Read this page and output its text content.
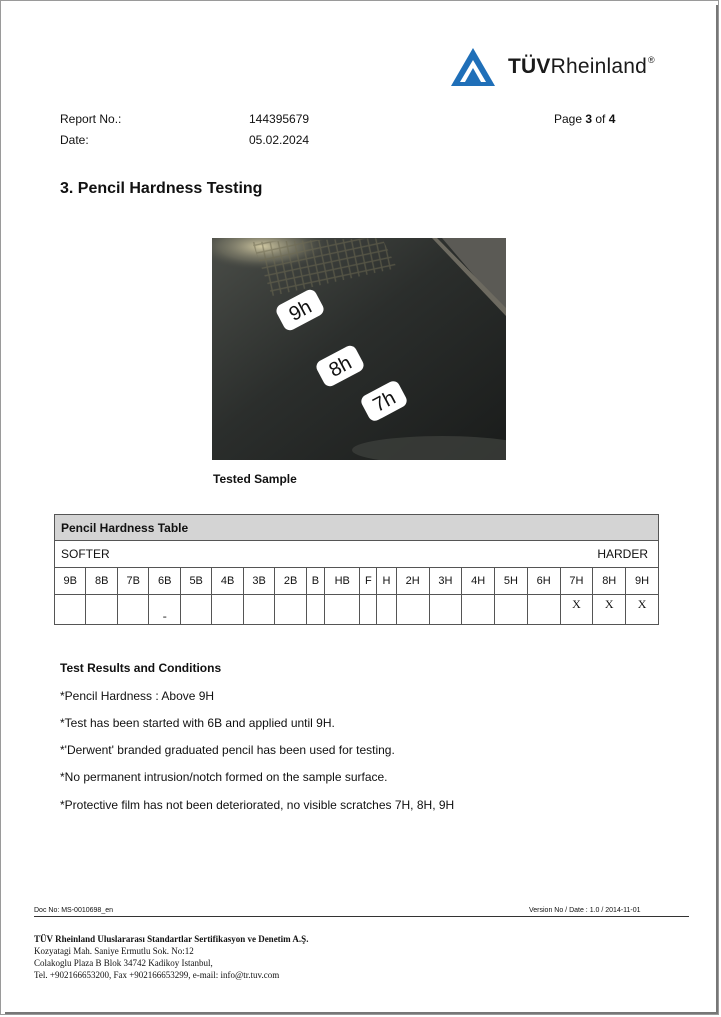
TÜVRheinland®
Report No.:	144395679	Page 3 of 4
Date:	05.02.2024
3. Pencil Hardness Testing
9h
8h
7h
Tested Sample
Pencil Hardness Table																			

SOFTER HARDER																			

9B	8B	7B	6B	5B	4B	3B	2B	B	HB	F	H	2H	3H	4H	5H	6H	7H	8H	9H
			-														X	X	X
Test Results and Conditions
*Pencil Hardness : Above 9H
*Test has been started with 6B and applied until 9H.
*'Derwent' branded graduated pencil has been used for testing.
*No permanent intrusion/notch formed on the sample surface.
*Protective film has not been deteriorated, no visible scratches 7H, 8H, 9H
Doc No: MS-0010698_en	Version No / Date : 1.0 / 2014-11-01
TÜV Rheinland Uluslararası Standartlar Sertifikasyon ve Denetim A.Ş.
Kozyatagi Mah. Saniye Ermutlu Sok. No:12
Colakoglu Plaza B Blok 34742 Kadikoy Istanbul,
Tel. +902166653200, Fax +902166653299, e-mail: info@tr.tuv.com
